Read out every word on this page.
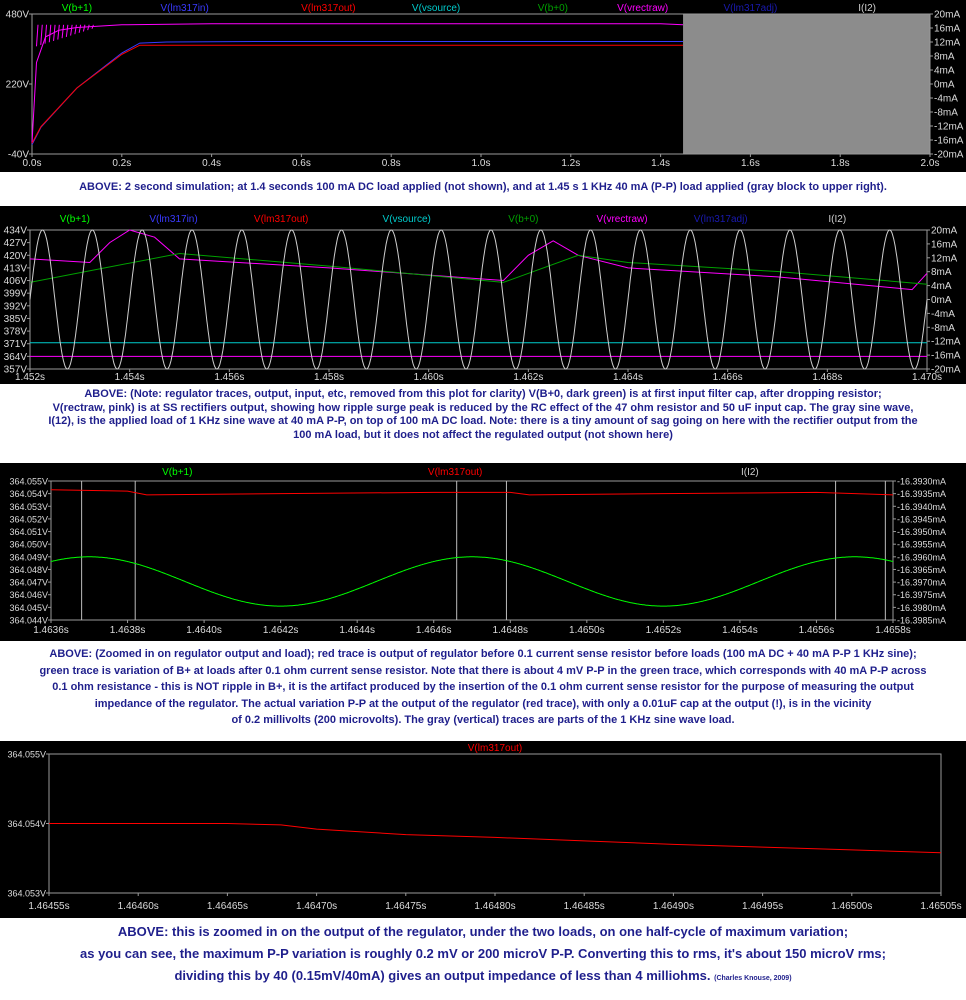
V(b+1)	V(lm317in)	V(lm317out)	V(vsource)	V(b+0)	V(vrectraw)	V(lm317adj)	I(I2)
0.0s	0.2s	0.4s	0.6s	0.8s	1.0s	1.2s	1.4s	1.6s	1.8s	2.0s
480V
220V
-40V
20mA
16mA
12mA
8mA
4mA
0mA
-4mA
-8mA
-12mA
-16mA
-20mA
ABOVE: 2 second simulation; at 1.4 seconds 100 mA DC load applied (not shown), and at 1.45 s 1 KHz 40 mA (P-P) load applied (gray block to upper right).
V(b+1)	V(lm317in)	V(lm317out)	V(vsource)	V(b+0)	V(vrectraw)	V(lm317adj)	I(I2)
1.452s	1.454s	1.456s	1.458s	1.460s	1.462s	1.464s	1.466s	1.468s	1.470s
434V
427V
420V
413V
406V
399V
392V
385V
378V
371V
364V
357V
20mA
16mA
12mA
8mA
4mA
0mA
-4mA
-8mA
-12mA
-16mA
-20mA
ABOVE: (Note: regulator traces, output, input, etc, removed from this plot for clarity) V(B+0, dark green) is at first input filter cap, after dropping resistor;
V(rectraw, pink) is at SS rectifiers output, showing how ripple surge peak is reduced by the RC effect of the 47 ohm resistor and 50 uF input cap. The gray sine wave,
I(12), is the applied load of 1 KHz sine wave at 40 mA P-P, on top of 100 mA DC load. Note: there is a tiny amount of sag going on here with the rectifier output from the
100 mA load, but it does not affect the regulated output (not shown here)
V(b+1)	V(lm317out)	I(I2)
1.4636s	1.4638s	1.4640s	1.4642s	1.4644s	1.4646s	1.4648s	1.4650s	1.4652s	1.4654s	1.4656s	1.4658s
364.055V
364.054V
364.053V
364.052V
364.051V
364.050V
364.049V
364.048V
364.047V
364.046V
364.045V
364.044V
-16.3930mA
-16.3935mA
-16.3940mA
-16.3945mA
-16.3950mA
-16.3955mA
-16.3960mA
-16.3965mA
-16.3970mA
-16.3975mA
-16.3980mA
-16.3985mA
ABOVE: (Zoomed in on regulator output and load); red trace is output of regulator before 0.1 current sense resistor before loads (100 mA DC + 40 mA P-P 1 KHz sine);
green trace is variation of B+ at loads after 0.1 ohm current sense resistor. Note that there is about 4 mV P-P in the green trace, which corresponds with 40 mA P-P across
0.1 ohm resistance - this is NOT ripple in B+, it is the artifact produced by the insertion of the 0.1 ohm current sense resistor for the purpose of measuring the output
impedance of the regulator. The actual variation P-P at the output of the regulator (red trace), with only a 0.01uF cap at the output (!), is in the vicinity
of 0.2 millivolts (200 microvolts). The gray (vertical) traces are parts of the 1 KHz sine wave load.
V(lm317out)
1.46455s	1.46460s	1.46465s	1.46470s	1.46475s	1.46480s	1.46485s	1.46490s	1.46495s	1.46500s	1.46505s
364.055V
364.054V
364.053V
ABOVE: this is zoomed in on the output of the regulator, under the two loads, on one half-cycle of maximum variation;
as you can see, the maximum P-P variation is roughly 0.2 mV or 200 microV P-P. Converting this to rms, it's about 150 microV rms;
dividing this by 40 (0.15mV/40mA) gives an output impedance of less than 4 milliohms. (Charles Knouse, 2009)
